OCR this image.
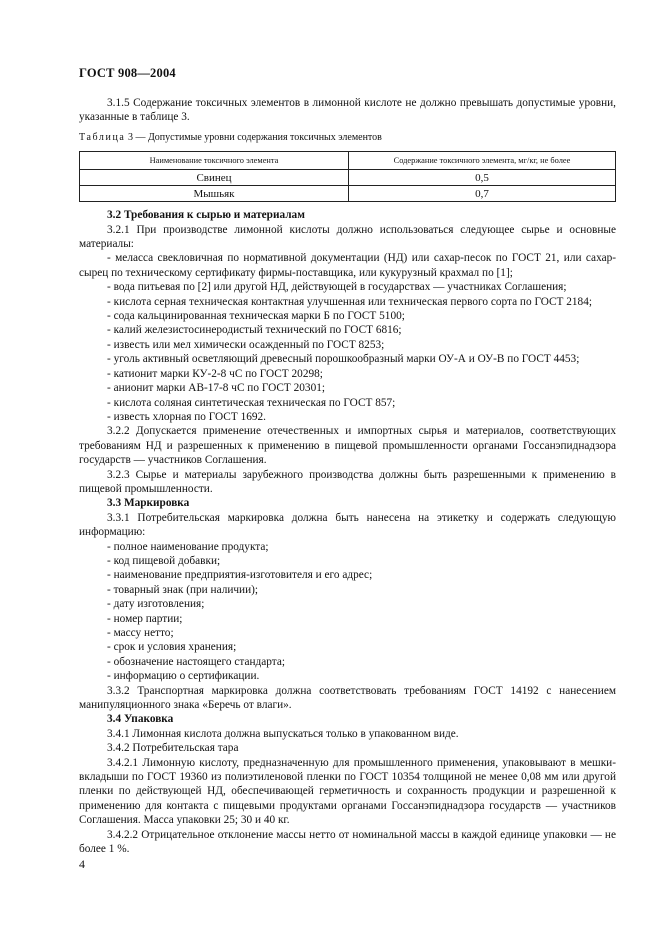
ГОСТ 908—2004

3.1.5 Содержание токсичных элементов в лимонной кислоте не должно превышать допустимые уровни, указанные в таблице 3.

Таблица 3 — Допустимые уровни содержания токсичных элементов

Наименование токсичного элемента	Содержание токсичного элемента, мг/кг, не более
Свинец	0,5
Мышьяк	0,7

3.2 Требования к сырью и материалам

3.2.1 При производстве лимонной кислоты должно использоваться следующее сырье и основные материалы:

- меласса свекловичная по нормативной документации (НД) или сахар-песок по ГОСТ 21, или сахар-сырец по техническому сертификату фирмы-поставщика, или кукурузный крахмал по [1];

- вода питьевая по [2] или другой НД, действующей в государствах — участниках Соглашения;

- кислота серная техническая контактная улучшенная или техническая первого сорта по ГОСТ 2184;

- сода кальцинированная техническая марки Б по ГОСТ 5100;

- калий железистосинеродистый технический по ГОСТ 6816;

- известь или мел химически осажденный по ГОСТ 8253;

- уголь активный осветляющий древесный порошкообразный марки ОУ-А и ОУ-В по ГОСТ 4453;

- катионит марки КУ-2-8 чС по ГОСТ 20298;

- анионит марки АВ-17-8 чС по ГОСТ 20301;

- кислота соляная синтетическая техническая по ГОСТ 857;

- известь хлорная по ГОСТ 1692.

3.2.2 Допускается применение отечественных и импортных сырья и материалов, соответствующих требованиям НД и разрешенных к применению в пищевой промышленности органами Госсанэпиднадзора государств — участников Соглашения.

3.2.3 Сырье и материалы зарубежного производства должны быть разрешенными к применению в пищевой промышленности.

3.3 Маркировка

3.3.1 Потребительская маркировка должна быть нанесена на этикетку и содержать следующую информацию:

- полное наименование продукта;

- код пищевой добавки;

- наименование предприятия-изготовителя и его адрес;

- товарный знак (при наличии);

- дату изготовления;

- номер партии;

- массу нетто;

- срок и условия хранения;

- обозначение настоящего стандарта;

- информацию о сертификации.

3.3.2 Транспортная маркировка должна соответствовать требованиям ГОСТ 14192 с нанесением манипуляционного знака «Беречь от влаги».

3.4 Упаковка

3.4.1 Лимонная кислота должна выпускаться только в упакованном виде.

3.4.2 Потребительская тара

3.4.2.1 Лимонную кислоту, предназначенную для промышленного применения, упаковывают в мешки-вкладыши по ГОСТ 19360 из полиэтиленовой пленки по ГОСТ 10354 толщиной не менее 0,08 мм или другой пленки по действующей НД, обеспечивающей герметичность и сохранность продукции и разрешенной к применению для контакта с пищевыми продуктами органами Госсанэпиднадзора государств — участников Соглашения. Масса упаковки 25; 30 и 40 кг.

3.4.2.2 Отрицательное отклонение массы нетто от номинальной массы в каждой единице упаковки — не более 1 %.

4
